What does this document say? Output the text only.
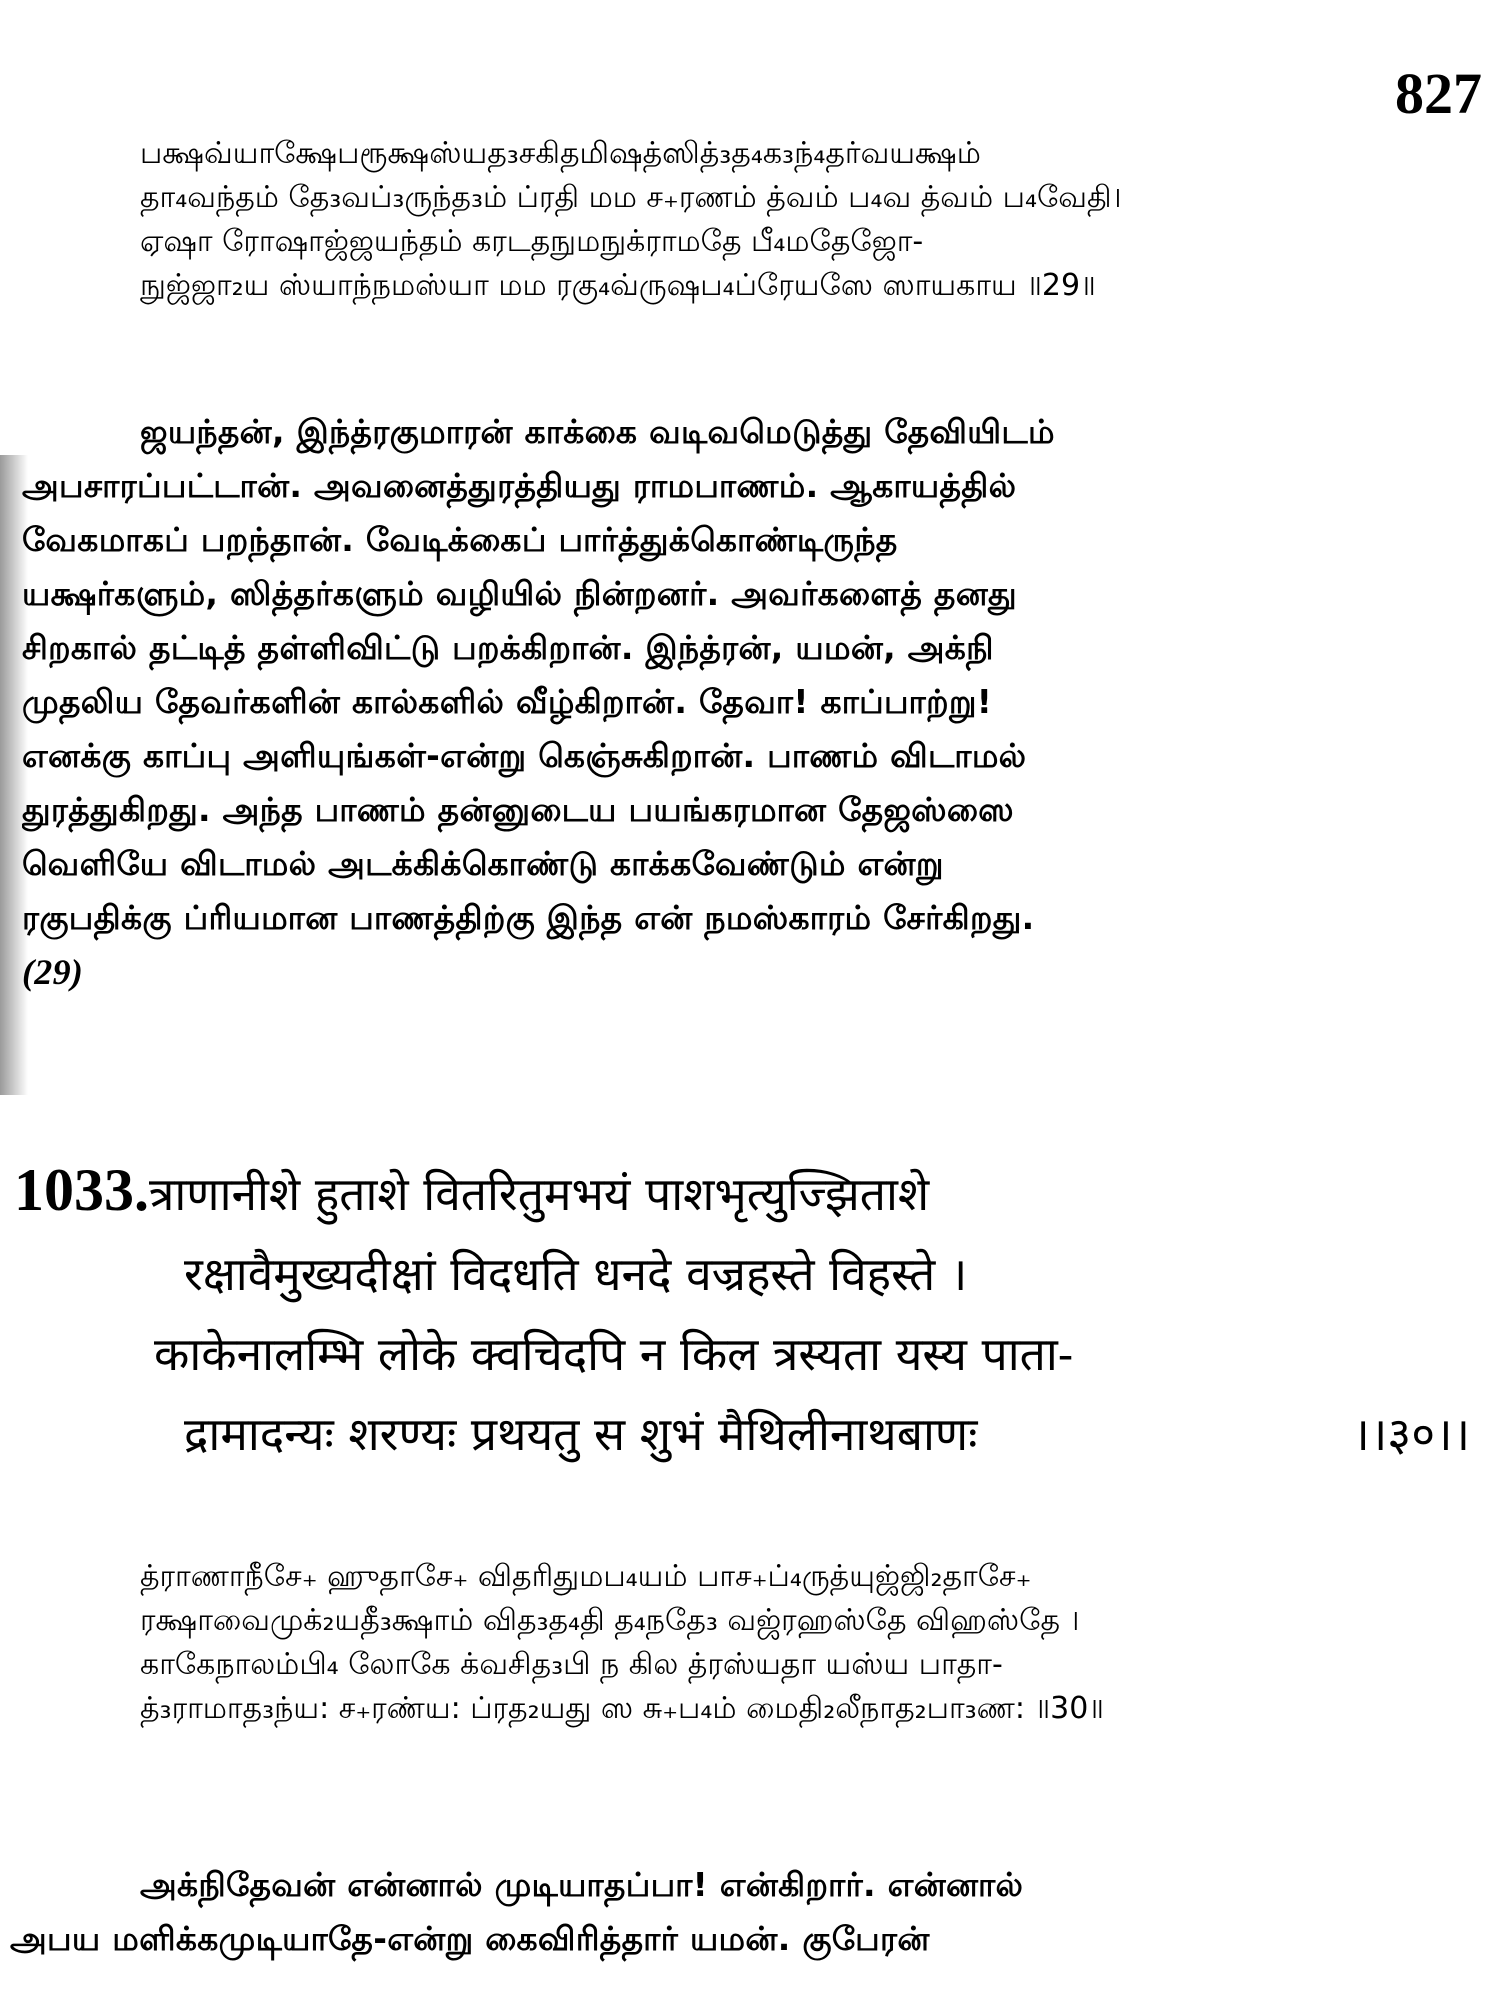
827
பக்ஷவ்யாக்ஷேபரூக்ஷஸ்யத₃சகிதமிஷத்ஸித்₃த₄க₃ந்₄தர்வயக்ஷம்
தா₄வந்தம் தே₃வப்₃ருந்த₃ம் ப்ரதி மம ச₊ரணம் த்வம் ப₄வ த்வம் ப₄வேதி।
ஏஷா ரோஷாஜ்ஜயந்தம் கரடதநுமநுக்ராமதே பீ₄மதேஜோ-
நுஜ்ஜா₂ய ஸ்யாந்நமஸ்யா மம ரகு₄வ்ருஷப₄ப்ரேயஸே ஸாயகாய ॥29॥
ஜயந்தன், இந்த்ரகுமாரன் காக்கை வடிவமெடுத்து தேவியிடம்
அபசாரப்பட்டான். அவனைத்துரத்தியது ராமபாணம். ஆகாயத்தில்
வேகமாகப் பறந்தான். வேடிக்கைப் பார்த்துக்கொண்டிருந்த
யக்ஷர்களும், ஸித்தர்களும் வழியில் நின்றனர். அவர்களைத் தனது
சிறகால் தட்டித் தள்ளிவிட்டு பறக்கிறான். இந்த்ரன், யமன், அக்நி
முதலிய தேவர்களின் கால்களில் வீழ்கிறான். தேவா! காப்பாற்று!
எனக்கு காப்பு அளியுங்கள்-என்று கெஞ்சுகிறான். பாணம் விடாமல்
துரத்துகிறது. அந்த பாணம் தன்னுடைய பயங்கரமான தேஜஸ்ஸை
வெளியே விடாமல் அடக்கிக்கொண்டு காக்கவேண்டும் என்று
ரகுபதிக்கு ப்ரியமான பாணத்திற்கு இந்த என் நமஸ்காரம் சேர்கிறது.
(29)
1033.त्राणानीशे हुताशे वितरितुमभयं पाशभृत्युज्झिताशे
रक्षावैमुख्यदीक्षां विदधति धनदे वज्रहस्ते विहस्ते ।
काकेनालम्भि लोके क्वचिदपि न किल त्रस्यता यस्य पाता-
द्रामादन्यः शरण्यः प्रथयतु स शुभं मैथिलीनाथबाणः	।।३०।।
த்ராணாநீசே₊ ஹுதாசே₊ விதரிதுமப₄யம் பாச₊ப்₄ருத்யுஜ்ஜி₂தாசே₊
ரக்ஷாவைமுக்₂யதீ₃க்ஷாம் வித₃த₄தி த₄நதே₃ வஜ்ரஹஸ்தே விஹஸ்தே ।
காகேநாலம்பி₄ லோகே க்வசித₃பி ந கில த்ரஸ்யதா யஸ்ய பாதா-
த்₃ராமாத₃ந்ய: ச₊ரண்ய: ப்ரத₂யது ஸ சு₊ப₄ம் மைதி₂லீநாத₂பா₃ண: ॥30॥
அக்நிதேவன் என்னால் முடியாதப்பா! என்கிறார். என்னால்
அபய மளிக்கமுடியாதே-என்று கைவிரித்தார் யமன். குபேரன்
